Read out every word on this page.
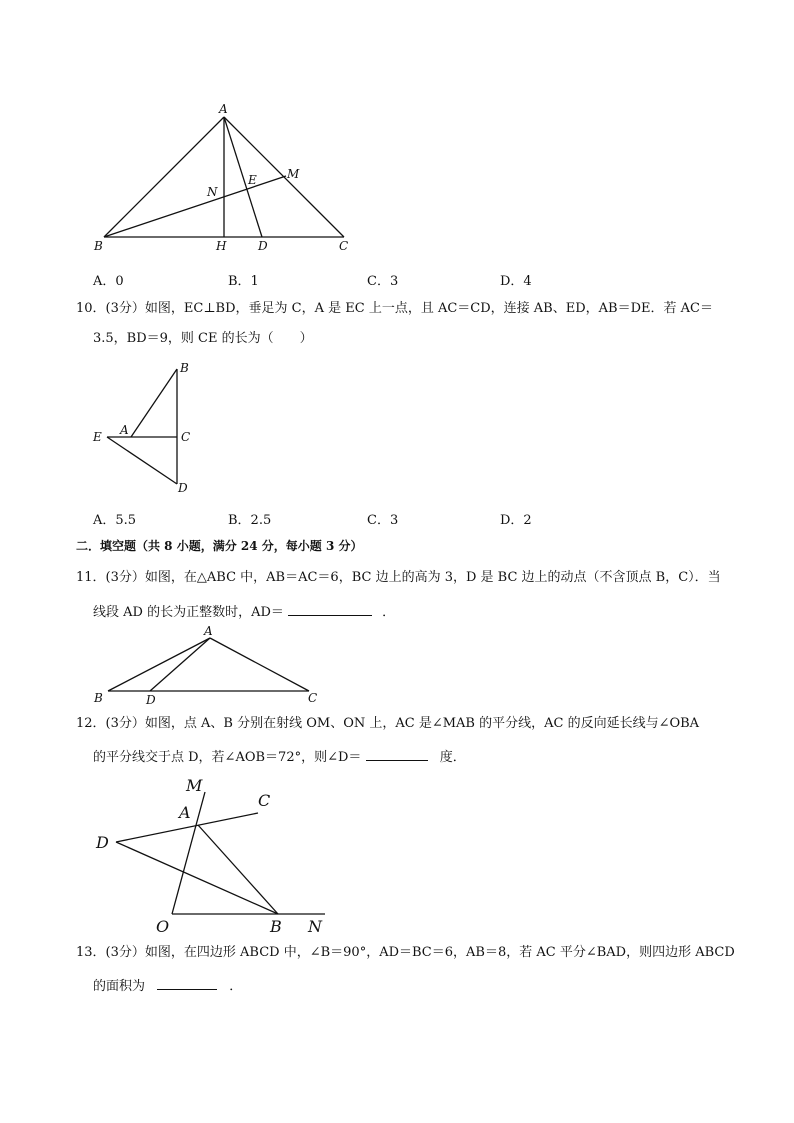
A
B	C
D
H
N
E	M
A．0	B．1	C．3	D．4
10．(3分）如图，EC⊥BD，垂足为 C，A 是 EC 上一点，且 AC＝CD，连接 AB、ED，AB＝DE．若 AC＝
3.5，BD＝9，则 CE 的长为（　　）
B
E A	C
D
A．5.5	B．2.5	C．3	D．2
二．填空题（共 8 小题，满分 24 分，每小题 3 分）
11．(3分）如图，在△ABC 中，AB＝AC＝6，BC 边上的高为 3，D 是 BC 边上的动点（不含顶点 B，C）．当
线段 AD 的长为正整数时，AD＝	．
A
B	C
D
12．(3分）如图，点 A、B 分别在射线 OM、ON 上，AC 是∠MAB 的平分线，AC 的反向延长线与∠OBA
的平分线交于点 D，若∠AOB＝72°，则∠D＝	度．
M
A
C
D
O	B N
13．(3分）如图，在四边形 ABCD 中，∠B＝90°，AD＝BC＝6，AB＝8，若 AC 平分∠BAD，则四边形 ABCD
的面积为	．
